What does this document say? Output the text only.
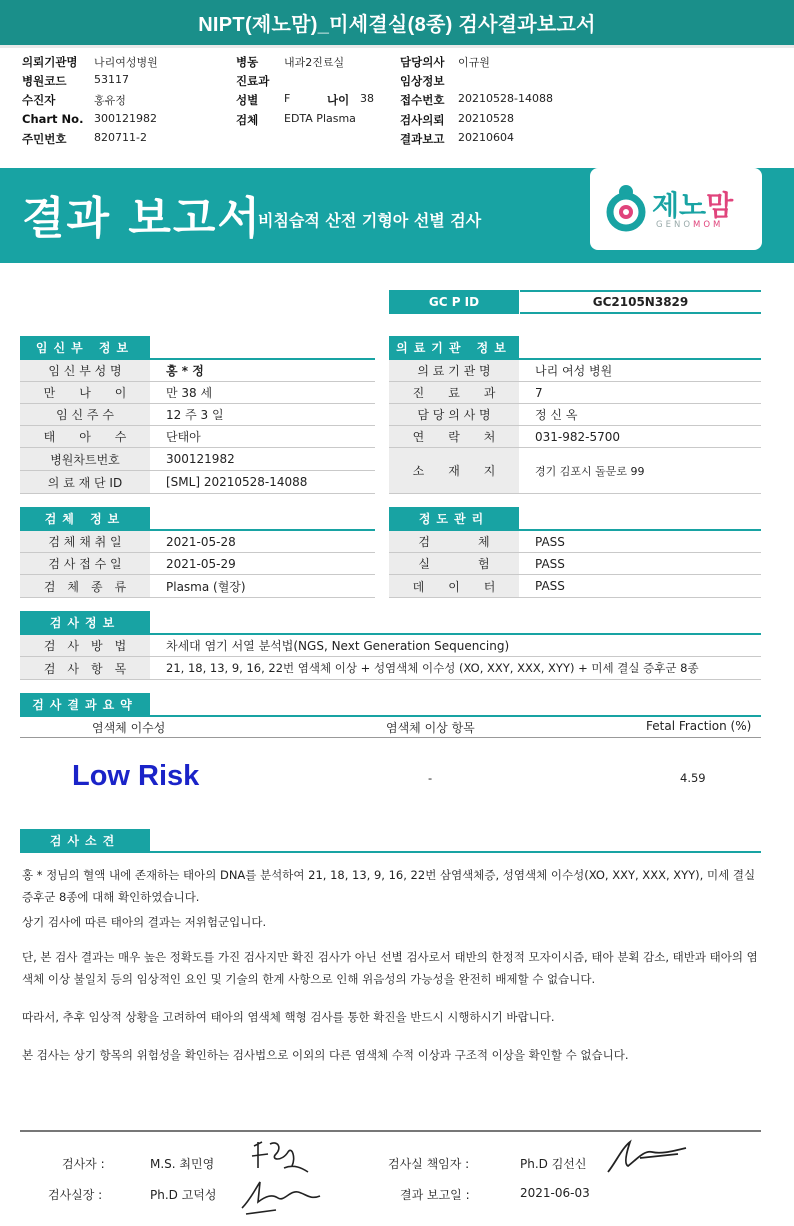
NIPT(제노맘)_미세결실(8종) 검사결과보고서
의뢰기관명 나리여성병원	병동 내과2진료실	담당의사 이규원
병원코드	53117	진료과	임상정보
수진자	홍유정	성별 F	나이 38 접수번호 20210528-14088
Chart No. 300121982	검체 EDTA Plasma	검사의뢰 20210528
주민번호	820711-2	결과보고 20210604
결과 보고서
비침습적 산전 기형아 선별 검사	제노맘
GENOMOM
GC P ID	GC2105N3829
임신부 정보
임 신 부 성 명	홍 * 정
만　　나　　이	만 38 세
임 신 주 수	12 주 3 일
태　　아　　수	단태아
병원차트번호	300121982
의 료 재 단 ID	[SML] 20210528-14088
의료기관 정보
의 료 기 관 명	나리 여성 병원
진　　료　　과	7
담 당 의 사 명	정 신 옥
연　　락　　처	031-982-5700
소　　재　　지	경기 김포시 돌문로 99
검체 정보
검 체 채 취 일	2021-05-28
검 사 접 수 일	2021-05-29
검　체　종　류	Plasma (혈장)
정도관리
검　　　　체	PASS
실　　　　험	PASS
데　　이　　터	PASS
검사정보
검　사　방　법	차세대 염기 서열 분석법(NGS, Next Generation Sequencing)
검　사　항　목	21, 18, 13, 9, 16, 22번 염색체 이상 + 성염색체 이수성 (XO, XXY, XXX, XYY) + 미세 결실 증후군 8종
검사결과요약
염색체 이수성	염색체 이상 항목	Fetal Fraction (%)
Low Risk	-	4.59
검사소견
홍 * 정님의 혈액 내에 존재하는 태아의 DNA를 분석하여 21, 18, 13, 9, 16, 22번 삼염색체증, 성염색체 이수성(XO, XXY, XXX, XYY), 미세 결실 증후군 8종에 대해 확인하였습니다.
상기 검사에 따른 태아의 결과는 저위험군입니다.
단, 본 검사 결과는 매우 높은 정확도를 가진 검사지만 확진 검사가 아닌 선별 검사로서 태반의 한정적 모자이시즘, 태아 분획 감소, 태반과 태아의 염색체 이상 불일치 등의 임상적인 요인 및 기술의 한계 사항으로 인해 위음성의 가능성을 완전히 배제할 수 없습니다.
따라서, 추후 임상적 상황을 고려하여 태아의 염색체 핵형 검사를 통한 확진을 반드시 시행하시기 바랍니다.
본 검사는 상기 항목의 위험성을 확인하는 검사법으로 이외의 다른 염색체 수적 이상과 구조적 이상을 확인할 수 없습니다.
검사자 :	M.S. 최민영	검사실 책임자 :	Ph.D 김선신
검사실장 :	Ph.D 고덕성	결과 보고일 :	2021-06-03
